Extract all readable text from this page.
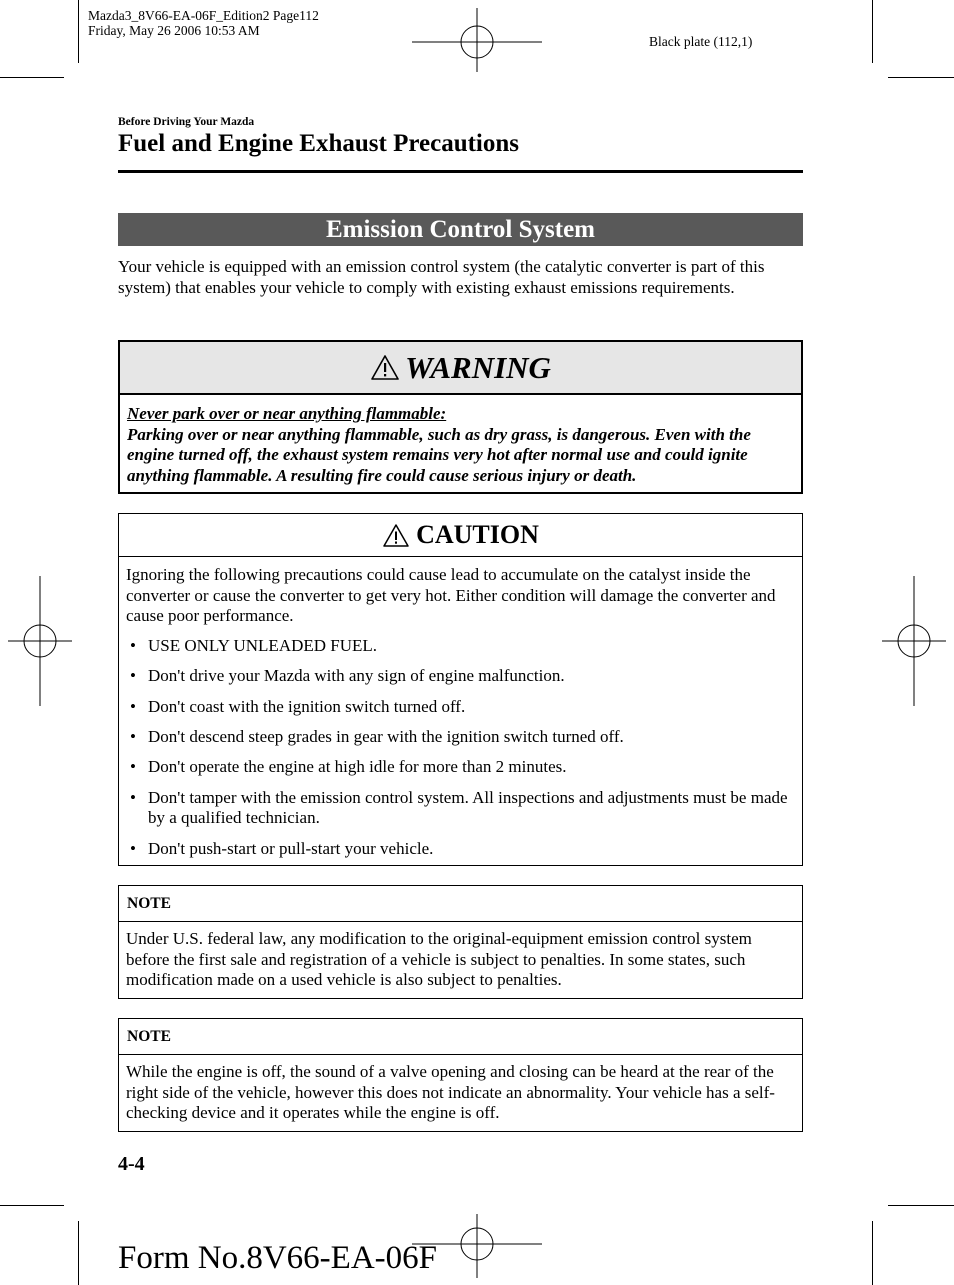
Mazda3_8V66-EA-06F_Edition2 Page112
Friday, May 26 2006 10:53 AM
Black plate (112,1)
Before Driving Your Mazda
Fuel and Engine Exhaust Precautions
Emission Control System

Your vehicle is equipped with an emission control system (the catalytic converter is part of this system) that enables your vehicle to comply with existing exhaust emissions requirements.

WARNING
Never park over or near anything flammable:
Parking over or near anything flammable, such as dry grass, is dangerous. Even with the engine turned off, the exhaust system remains very hot after normal use and could ignite anything flammable. A resulting fire could cause serious injury or death.
CAUTION
Ignoring the following precautions could cause lead to accumulate on the catalyst inside the converter or cause the converter to get very hot. Either condition will damage the converter and cause poor performance.
• USE ONLY UNLEADED FUEL.
• Don't drive your Mazda with any sign of engine malfunction.
• Don't coast with the ignition switch turned off.
• Don't descend steep grades in gear with the ignition switch turned off.
• Don't operate the engine at high idle for more than 2 minutes.
• Don't tamper with the emission control system. All inspections and adjustments must be made by a qualified technician.
• Don't push-start or pull-start your vehicle.
NOTE
Under U.S. federal law, any modification to the original-equipment emission control system before the first sale and registration of a vehicle is subject to penalties. In some states, such modification made on a used vehicle is also subject to penalties.
NOTE
While the engine is off, the sound of a valve opening and closing can be heard at the rear of the right side of the vehicle, however this does not indicate an abnormality. Your vehicle has a self-checking device and it operates while the engine is off.
4-4
Form No.8V66-EA-06F
